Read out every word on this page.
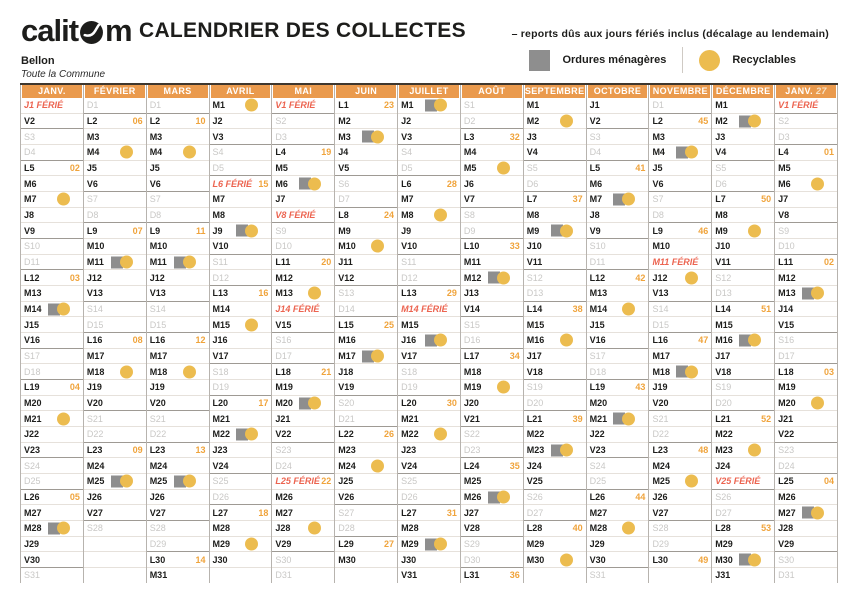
calit m CALENDRIER DES COLLECTES	– reports dûs aux jours fériés inclus (décalage au lendemain)
Ordures ménagères	Recyclables
Bellon
Toute la Commune
JANV.
J1 FÉRIÉ
V2
S3
D4
L5	02
M6
M7
J8
V9
S10
D11
L12	03
M13
M14
J15
V16
S17
D18
L19	04
M20
M21
J22
V23
S24
D25
L26	05
M27
M28
J29
V30
S31
FÉVRIER
D1
L2	06
M3
M4
J5
V6
S7
D8
L9	07
M10
M11
J12
V13
S14
D15
L16	08
M17
M18
J19
V20
S21
D22
L23	09
M24
M25
J26
V27
S28
MARS
D1
L2	10
M3
M4
J5
V6
S7
D8
L9	11
M10
M11
J12
V13
S14
D15
L16	12
M17
M18
J19
V20
S21
D22
L23	13
M24
M25
J26
V27
S28
D29
L30	14
M31
AVRIL
M1
J2
V3
S4
D5
L6 FÉRIÉ 15
M7
M8
J9
V10
S11
D12
L13	16
M14
M15
J16
V17
S18
D19
L20	17
M21
M22
J23
V24
S25
D26
L27	18
M28
M29
J30
MAI
V1 FÉRIÉ
S2
D3
L4	19
M5
M6
J7
V8 FÉRIÉ
S9
D10
L11	20
M12
M13
J14 FÉRIÉ
V15
S16
D17
L18	21
M19
M20
J21
V22
S23
D24
L25 FÉRIÉ 22
M26
M27
J28
V29
S30
D31
JUIN
L1	23
M2
M3
J4
V5
S6
D7
L8	24
M9
M10
J11
V12
S13
D14
L15	25
M16
M17
J18
V19
S20
D21
L22	26
M23
M24
J25
V26
S27
D28
L29	27
M30
JUILLET
M1
J2
V3
S4
D5
L6	28
M7
M8
J9
V10
S11
D12
L13	29
M14 FÉRIÉ
M15
J16
V17
S18
D19
L20	30
M21
M22
J23
V24
S25
D26
L27	31
M28
M29
J30
V31
AOÛT
S1
D2
L3	32
M4
M5
J6
V7
S8
D9
L10	33
M11
M12
J13
V14
S15
D16
L17	34
M18
M19
J20
V21
S22
D23
L24	35
M25
M26
J27
V28
S29
D30
L31	36
SEPTEMBRE
M1
M2
J3
V4
S5
D6
L7	37
M8
M9
J10
V11
S12
D13
L14	38
M15
M16
J17
V18
S19
D20
L21	39
M22
M23
J24
V25
S26
D27
L28	40
M29
M30
OCTOBRE
J1
V2
S3
D4
L5	41
M6
M7
J8
V9
S10
D11
L12	42
M13
M14
J15
V16
S17
D18
L19	43
M20
M21
J22
V23
S24
D25
L26	44
M27
M28
J29
V30
S31
NOVEMBRE
D1
L2	45
M3
M4
J5
V6
S7
D8
L9	46
M10
M11 FÉRIÉ
J12
V13
S14
D15
L16	47
M17
M18
J19
V20
S21
D22
L23	48
M24
M25
J26
V27
S28
D29
L30	49
DÉCEMBRE
M1
M2
J3
V4
S5
D6
L7	50
M8
M9
J10
V11
S12
D13
L14	51
M15
M16
J17
V18
S19
D20
L21	52
M22
M23
J24
V25 FÉRIÉ
S26
D27
L28	53
M29
M30
J31
JANV. 27
V1 FÉRIÉ
S2
D3
L4	01
M5
M6
J7
V8
S9
D10
L11	02
M12
M13
J14
V15
S16
D17
L18	03
M19
M20
J21
V22
S23
D24
L25	04
M26
M27
J28
V29
S30
D31
